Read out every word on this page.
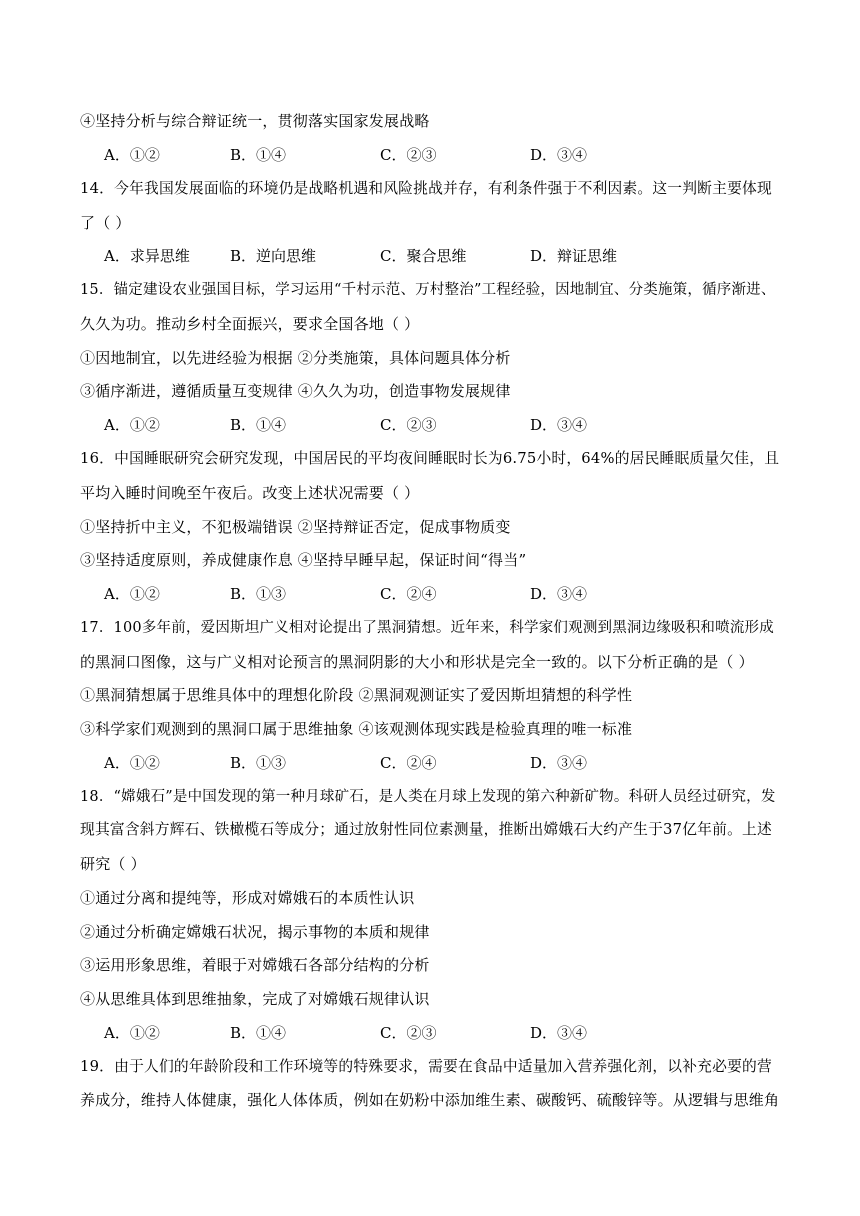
④坚持分析与综合辩证统一，贯彻落实国家发展战略
A．①②	B．①④	C．②③	D．③④
14．今年我国发展面临的环境仍是战略机遇和风险挑战并存，有利条件强于不利因素。这一判断主要体现
了（ ）
A．求异思维	B．逆向思维	C．聚合思维	D．辩证思维
15．锚定建设农业强国目标，学习运用“千村示范、万村整治”工程经验，因地制宜、分类施策，循序渐进、
久久为功。推动乡村全面振兴，要求全国各地（ ）
①因地制宜，以先进经验为根据 ②分类施策，具体问题具体分析
③循序渐进，遵循质量互变规律 ④久久为功，创造事物发展规律
A．①②	B．①④	C．②③	D．③④
16．中国睡眠研究会研究发现，中国居民的平均夜间睡眠时长为6.75小时，64%的居民睡眠质量欠佳，且
平均入睡时间晚至午夜后。改变上述状况需要（ ）
①坚持折中主义，不犯极端错误 ②坚持辩证否定，促成事物质变
③坚持适度原则，养成健康作息 ④坚持早睡早起，保证时间“得当”
A．①②	B．①③	C．②④	D．③④
17．100多年前，爱因斯坦广义相对论提出了黑洞猜想。近年来，科学家们观测到黑洞边缘吸积和喷流形成
的黑洞口图像，这与广义相对论预言的黑洞阴影的大小和形状是完全一致的。以下分析正确的是（ ）
①黑洞猜想属于思维具体中的理想化阶段 ②黑洞观测证实了爱因斯坦猜想的科学性
③科学家们观测到的黑洞口属于思维抽象 ④该观测体现实践是检验真理的唯一标准
A．①②	B．①③	C．②④	D．③④
18．“嫦娥石”是中国发现的第一种月球矿石，是人类在月球上发现的第六种新矿物。科研人员经过研究，发
现其富含斜方辉石、铁橄榄石等成分；通过放射性同位素测量，推断出嫦娥石大约产生于37亿年前。上述
研究（ ）
①通过分离和提纯等，形成对嫦娥石的本质性认识
②通过分析确定嫦娥石状况，揭示事物的本质和规律
③运用形象思维，着眼于对嫦娥石各部分结构的分析
④从思维具体到思维抽象，完成了对嫦娥石规律认识
A．①②	B．①④	C．②③	D．③④
19．由于人们的年龄阶段和工作环境等的特殊要求，需要在食品中适量加入营养强化剂，以补充必要的营
养成分，维持人体健康，强化人体体质，例如在奶粉中添加维生素、碳酸钙、硫酸锌等。从逻辑与思维角
